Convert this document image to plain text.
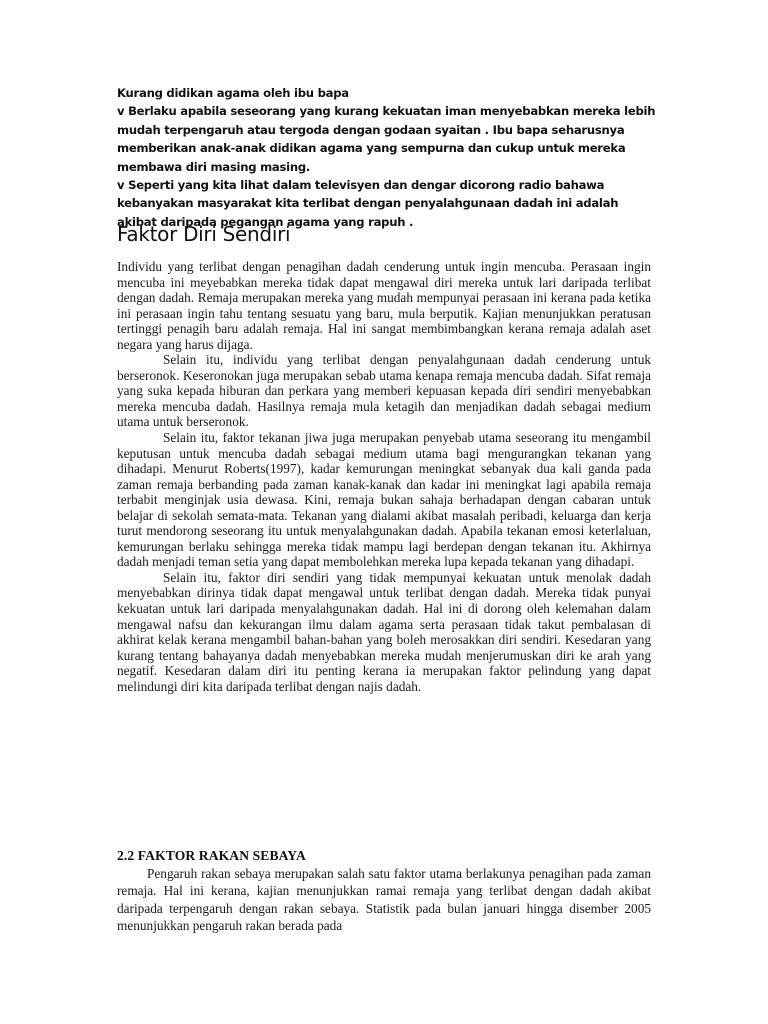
Kurang didikan agama oleh ibu bapa

v Berlaku apabila seseorang yang kurang kekuatan iman menyebabkan mereka lebih mudah terpengaruh atau tergoda dengan godaan syaitan . Ibu bapa seharusnya memberikan anak-anak didikan agama yang sempurna dan cukup untuk mereka membawa diri masing masing.

v Seperti yang kita lihat dalam televisyen dan dengar dicorong radio bahawa kebanyakan masyarakat kita terlibat dengan penyalahgunaan dadah ini adalah akibat daripada pegangan agama yang rapuh .

Faktor Diri Sendiri

Individu yang terlibat dengan penagihan dadah cenderung untuk ingin mencuba. Perasaan ingin mencuba ini meyebabkan mereka tidak dapat mengawal diri mereka untuk lari daripada terlibat dengan dadah. Remaja merupakan mereka yang mudah mempunyai perasaan ini kerana pada ketika ini perasaan ingin tahu tentang sesuatu yang baru, mula berputik. Kajian menunjukkan peratusan tertinggi penagih baru adalah remaja. Hal ini sangat membimbangkan kerana remaja adalah aset negara yang harus dijaga.

Selain itu, individu yang terlibat dengan penyalahgunaan dadah cenderung untuk berseronok. Keseronokan juga merupakan sebab utama kenapa remaja mencuba dadah. Sifat remaja yang suka kepada hiburan dan perkara yang memberi kepuasan kepada diri sendiri menyebabkan mereka mencuba dadah. Hasilnya remaja mula ketagih dan menjadikan dadah sebagai medium utama untuk berseronok.

Selain itu, faktor tekanan jiwa juga merupakan penyebab utama seseorang itu mengambil keputusan untuk mencuba dadah sebagai medium utama bagi mengurangkan tekanan yang dihadapi. Menurut Roberts(1997), kadar kemurungan meningkat sebanyak dua kali ganda pada zaman remaja berbanding pada zaman kanak-kanak dan kadar ini meningkat lagi apabila remaja terbabit menginjak usia dewasa. Kini, remaja bukan sahaja berhadapan dengan cabaran untuk belajar di sekolah semata-mata. Tekanan yang dialami akibat masalah peribadi, keluarga dan kerja turut mendorong seseorang itu untuk menyalahgunakan dadah. Apabila tekanan emosi keterlaluan, kemurungan berlaku sehingga mereka tidak mampu lagi berdepan dengan tekanan itu. Akhirnya dadah menjadi teman setia yang dapat membolehkan mereka lupa kepada tekanan yang dihadapi.

Selain itu, faktor diri sendiri yang tidak mempunyai kekuatan untuk menolak dadah menyebabkan dirinya tidak dapat mengawal untuk terlibat dengan dadah. Mereka tidak punyai kekuatan untuk lari daripada menyalahgunakan dadah. Hal ini di dorong oleh kelemahan dalam mengawal nafsu dan kekurangan ilmu dalam agama serta perasaan tidak takut pembalasan di akhirat kelak kerana mengambil bahan-bahan yang boleh merosakkan diri sendiri. Kesedaran yang kurang tentang bahayanya dadah menyebabkan mereka mudah menjerumuskan diri ke arah yang negatif. Kesedaran dalam diri itu penting kerana ia merupakan faktor pelindung yang dapat melindungi diri kita daripada terlibat dengan najis dadah.

2.2 FAKTOR RAKAN SEBAYA

Pengaruh rakan sebaya merupakan salah satu faktor utama berlakunya penagihan pada zaman remaja. Hal ini kerana, kajian menunjukkan ramai remaja yang terlibat dengan dadah akibat daripada terpengaruh dengan rakan sebaya. Statistik pada bulan januari hingga disember 2005 menunjukkan pengaruh rakan berada pada
